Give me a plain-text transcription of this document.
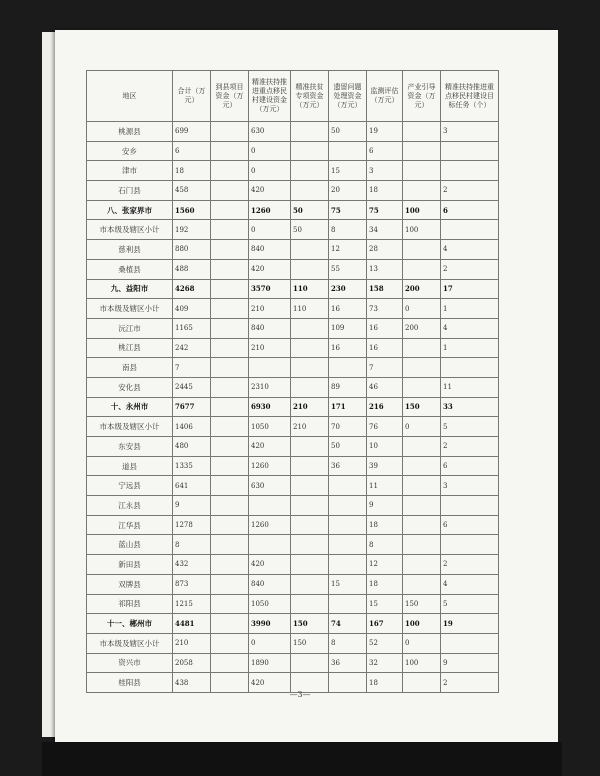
地区	合计（万元）	到县项目资金（万元）	精准扶持推进重点移民村建设资金（万元）	精准扶贫专项资金（万元）	遗留问题处理资金（万元）	监测评估（万元）	产业引导资金（万元）	精准扶持推进重点移民村建设目标任务（个）
桃源县	699		630		50	19		3
安乡	6		0			6		
津市	18		0		15	3		
石门县	458		420		20	18		2
八、张家界市	1560		1260	50	75	75	100	6
市本级及辖区小计	192		0	50	8	34	100	
慈利县	880		840		12	28		4
桑植县	488		420		55	13		2
九、益阳市	4268		3570	110	230	158	200	17
市本级及辖区小计	409		210	110	16	73	0	1
沅江市	1165		840		109	16	200	4
桃江县	242		210		16	16		1
南县	7					7		
安化县	2445		2310		89	46		11
十、永州市	7677		6930	210	171	216	150	33
市本级及辖区小计	1406		1050	210	70	76	0	5
东安县	480		420		50	10		2
道县	1335		1260		36	39		6
宁远县	641		630			11		3
江永县	9					9		
江华县	1278		1260			18		6
蓝山县	8					8		
新田县	432		420			12		2
双牌县	873		840		15	18		4
祁阳县	1215		1050			15	150	5
十一、郴州市	4481		3990	150	74	167	100	19
市本级及辖区小计	210		0	150	8	52	0	
资兴市	2058		1890		36	32	100	9
桂阳县	438		420			18		2
—3—
